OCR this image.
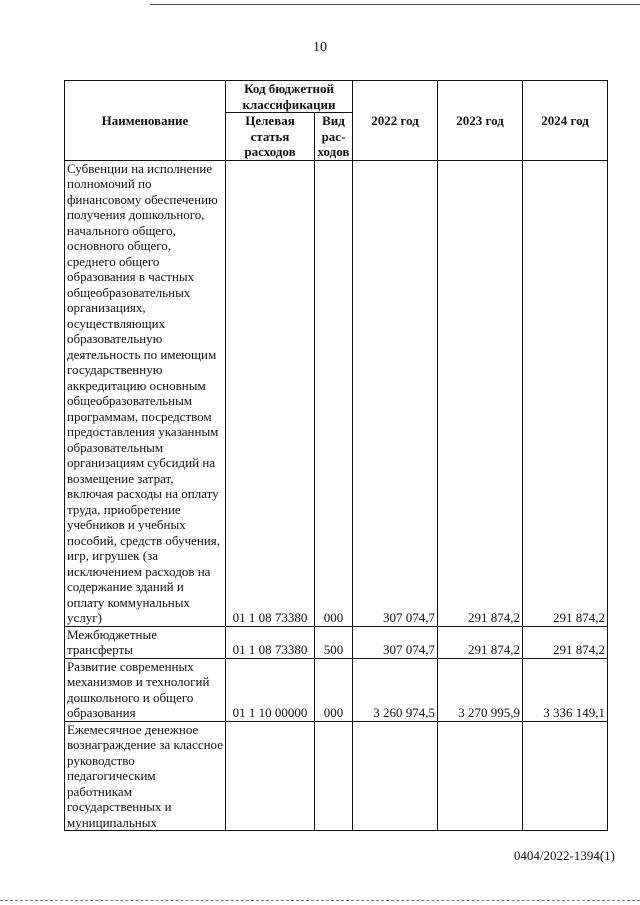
10
Наименование	Код бюджетной классификации		2022 год	2023 год	2024 год
	Целевая статья расходов	Вид рас-ходов			
Субвенции на исполнение полномочий по финансовому обеспечению получения дошкольного, начального общего, основного общего, среднего общего образования в частных общеобразовательных организациях, осуществляющих образовательную деятельность по имеющим государственную аккредитацию основным общеобразовательным программам, посредством предоставления указанным образовательным организациям субсидий на возмещение затрат, включая расходы на оплату труда, приобретение учебников и учебных пособий, средств обучения, игр, игрушек (за исключением расходов на содержание зданий и оплату коммунальных услуг)	01 1 08 73380	000	307 074,7	291 874,2	291 874,2
Межбюджетные трансферты	01 1 08 73380	500	307 074,7	291 874,2	291 874,2
Развитие современных механизмов и технологий дошкольного и общего образования	01 1 10 00000	000	3 260 974,5	3 270 995,9	3 336 149,1
Ежемесячное денежное вознаграждение за классное руководство педагогическим работникам государственных и муниципальных					
0404/2022-1394(1)
